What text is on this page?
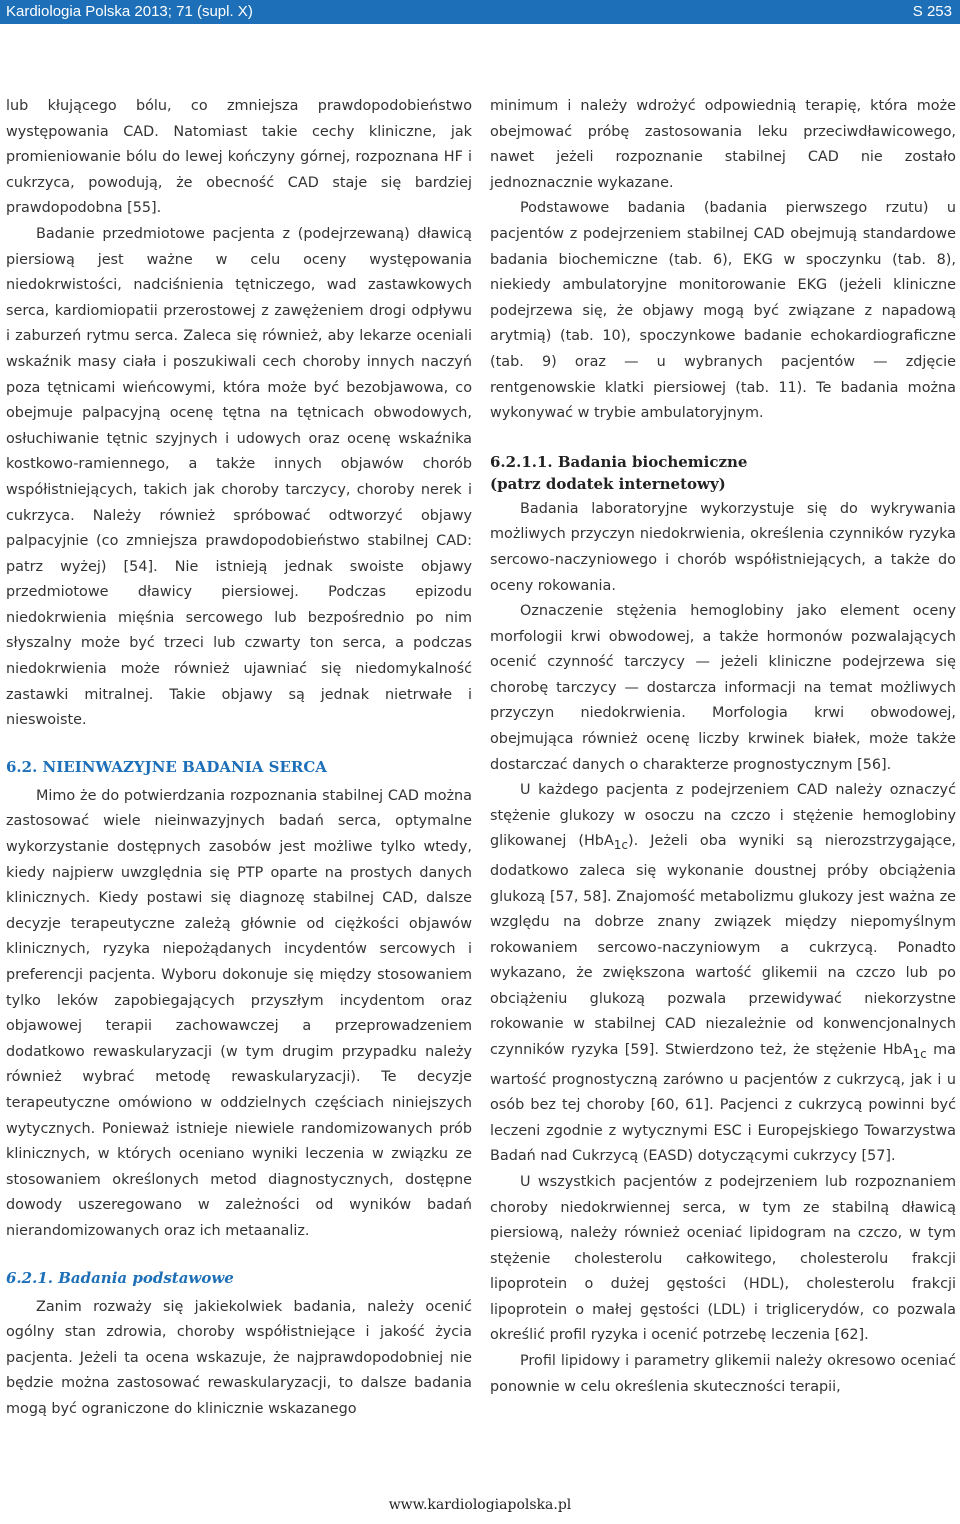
Kardiologia Polska 2013; 71 (supl. X)	S 253

lub kłującego bólu, co zmniejsza prawdopodobieństwo występowania CAD. Natomiast takie cechy kliniczne, jak promieniowanie bólu do lewej kończyny górnej, rozpoznana HF i cukrzyca, powodują, że obecność CAD staje się bardziej prawdopodobna [55].

Badanie przedmiotowe pacjenta z (podejrzewaną) dławicą piersiową jest ważne w celu oceny występowania niedokrwistości, nadciśnienia tętniczego, wad zastawkowych serca, kardiomiopatii przerostowej z zawężeniem drogi odpływu i zaburzeń rytmu serca. Zaleca się również, aby lekarze oceniali wskaźnik masy ciała i poszukiwali cech choroby innych naczyń poza tętnicami wieńcowymi, która może być bezobjawowa, co obejmuje palpacyjną ocenę tętna na tętnicach obwodowych, osłuchiwanie tętnic szyjnych i udowych oraz ocenę wskaźnika kostkowo-ramiennego, a także innych objawów chorób współistniejących, takich jak choroby tarczycy, choroby nerek i cukrzyca. Należy również spróbować odtworzyć objawy palpacyjnie (co zmniejsza prawdopodobieństwo stabilnej CAD: patrz wyżej) [54]. Nie istnieją jednak swoiste objawy przedmiotowe dławicy piersiowej. Podczas epizodu niedokrwienia mięśnia sercowego lub bezpośrednio po nim słyszalny może być trzeci lub czwarty ton serca, a podczas niedokrwienia może również ujawniać się niedomykalność zastawki mitralnej. Takie objawy są jednak nietrwałe i nieswoiste.

6.2. NIEINWAZYJNE BADANIA SERCA

Mimo że do potwierdzania rozpoznania stabilnej CAD można zastosować wiele nieinwazyjnych badań serca, optymalne wykorzystanie dostępnych zasobów jest możliwe tylko wtedy, kiedy najpierw uwzględnia się PTP oparte na prostych danych klinicznych. Kiedy postawi się diagnozę stabilnej CAD, dalsze decyzje terapeutyczne zależą głównie od ciężkości objawów klinicznych, ryzyka niepożądanych incydentów sercowych i preferencji pacjenta. Wyboru dokonuje się między stosowaniem tylko leków zapobiegających przyszłym incydentom oraz objawowej terapii zachowawczej a przeprowadzeniem dodatkowo rewaskularyzacji (w tym drugim przypadku należy również wybrać metodę rewaskularyzacji). Te decyzje terapeutyczne omówiono w oddzielnych częściach niniejszych wytycznych. Ponieważ istnieje niewiele randomizowanych prób klinicznych, w których oceniano wyniki leczenia w związku ze stosowaniem określonych metod diagnostycznych, dostępne dowody uszeregowano w zależności od wyników badań nierandomizowanych oraz ich metaanaliz.

6.2.1. Badania podstawowe

Zanim rozważy się jakiekolwiek badania, należy ocenić ogólny stan zdrowia, choroby współistniejące i jakość życia pacjenta. Jeżeli ta ocena wskazuje, że najprawdopodobniej nie będzie można zastosować rewaskularyzacji, to dalsze badania mogą być ograniczone do klinicznie wskazanego

minimum i należy wdrożyć odpowiednią terapię, która może obejmować próbę zastosowania leku przeciwdławicowego, nawet jeżeli rozpoznanie stabilnej CAD nie zostało jednoznacznie wykazane.

Podstawowe badania (badania pierwszego rzutu) u pacjentów z podejrzeniem stabilnej CAD obejmują standardowe badania biochemiczne (tab. 6), EKG w spoczynku (tab. 8), niekiedy ambulatoryjne monitorowanie EKG (jeżeli kliniczne podejrzewa się, że objawy mogą być związane z napadową arytmią) (tab. 10), spoczynkowe badanie echokardiograficzne (tab. 9) oraz — u wybranych pacjentów — zdjęcie rentgenowskie klatki piersiowej (tab. 11). Te badania można wykonywać w trybie ambulatoryjnym.

6.2.1.1. Badania biochemiczne
(patrz dodatek internetowy)

Badania laboratoryjne wykorzystuje się do wykrywania możliwych przyczyn niedokrwienia, określenia czynników ryzyka sercowo-naczyniowego i chorób współistniejących, a także do oceny rokowania.

Oznaczenie stężenia hemoglobiny jako element oceny morfologii krwi obwodowej, a także hormonów pozwalających ocenić czynność tarczycy — jeżeli kliniczne podejrzewa się chorobę tarczycy — dostarcza informacji na temat możliwych przyczyn niedokrwienia. Morfologia krwi obwodowej, obejmująca również ocenę liczby krwinek białek, może także dostarczać danych o charakterze prognostycznym [56].

U każdego pacjenta z podejrzeniem CAD należy oznaczyć stężenie glukozy w osoczu na czczo i stężenie hemoglobiny glikowanej (HbA$_{1c}$). Jeżeli oba wyniki są nierozstrzygające, dodatkowo zaleca się wykonanie doustnej próby obciążenia glukozą [57, 58]. Znajomość metabolizmu glukozy jest ważna ze względu na dobrze znany związek między niepomyślnym rokowaniem sercowo-naczyniowym a cukrzycą. Ponadto wykazano, że zwiększona wartość glikemii na czczo lub po obciążeniu glukozą pozwala przewidywać niekorzystne rokowanie w stabilnej CAD niezależnie od konwencjonalnych czynników ryzyka [59]. Stwierdzono też, że stężenie HbA$_{1c}$ ma wartość prognostyczną zarówno u pacjentów z cukrzycą, jak i u osób bez tej choroby [60, 61]. Pacjenci z cukrzycą powinni być leczeni zgodnie z wytycznymi ESC i Europejskiego Towarzystwa Badań nad Cukrzycą (EASD) dotyczącymi cukrzycy [57].

U wszystkich pacjentów z podejrzeniem lub rozpoznaniem choroby niedokrwiennej serca, w tym ze stabilną dławicą piersiową, należy również oceniać lipidogram na czczo, w tym stężenie cholesterolu całkowitego, cholesterolu frakcji lipoprotein o dużej gęstości (HDL), cholesterolu frakcji lipoprotein o małej gęstości (LDL) i triglicerydów, co pozwala określić profil ryzyka i ocenić potrzebę leczenia [62].

Profil lipidowy i parametry glikemii należy okresowo oceniać ponownie w celu określenia skuteczności terapii,

www.kardiologiapolska.pl
